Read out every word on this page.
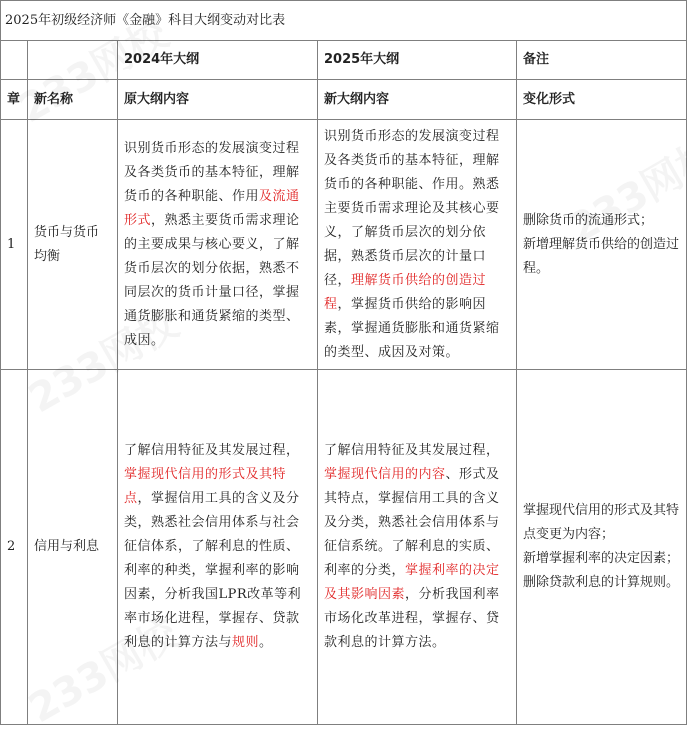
2025年初级经济师《金融》科目大纲变动对比表				
		2024年大纲	2025年大纲	备注
章	新名称	原大纲内容	新大纲内容	变化形式
1	货币与货币均衡	识别货币形态的发展演变过程及各类货币的基本特征，理解货币的各种职能、作用及流通形式，熟悉主要货币需求理论的主要成果与核心要义，了解货币层次的划分依据，熟悉不同层次的货币计量口径，掌握通货膨胀和通货紧缩的类型、成因。	识别货币形态的发展演变过程及各类货币的基本特征，理解货币的各种职能、作用。熟悉主要货币需求理论及其核心要义，了解货币层次的划分依据，熟悉货币层次的计量口径，理解货币供给的创造过程，掌握货币供给的影响因素，掌握通货膨胀和通货紧缩的类型、成因及对策。	删除货币的流通形式；
新增理解货币供给的创造过程。

2	信用与利息	了解信用特征及其发展过程，掌握现代信用的形式及其特点，掌握信用工具的含义及分类，熟悉社会信用体系与社会征信体系，了解利息的性质、利率的种类，掌握利率的影响因素，分析我国LPR改革等利率市场化进程，掌握存、贷款利息的计算方法与规则。	了解信用特征及其发展过程，掌握现代信用的内容、形式及其特点，掌握信用工具的含义及分类，熟悉社会信用体系与征信系统。了解利息的实质、利率的分类，掌握利率的决定及其影响因素，分析我国利率市场化改革进程，掌握存、贷款利息的计算方法。	掌握现代信用的形式及其特点变更为内容；
新增掌握利率的决定因素；
删除贷款利息的计算规则。
